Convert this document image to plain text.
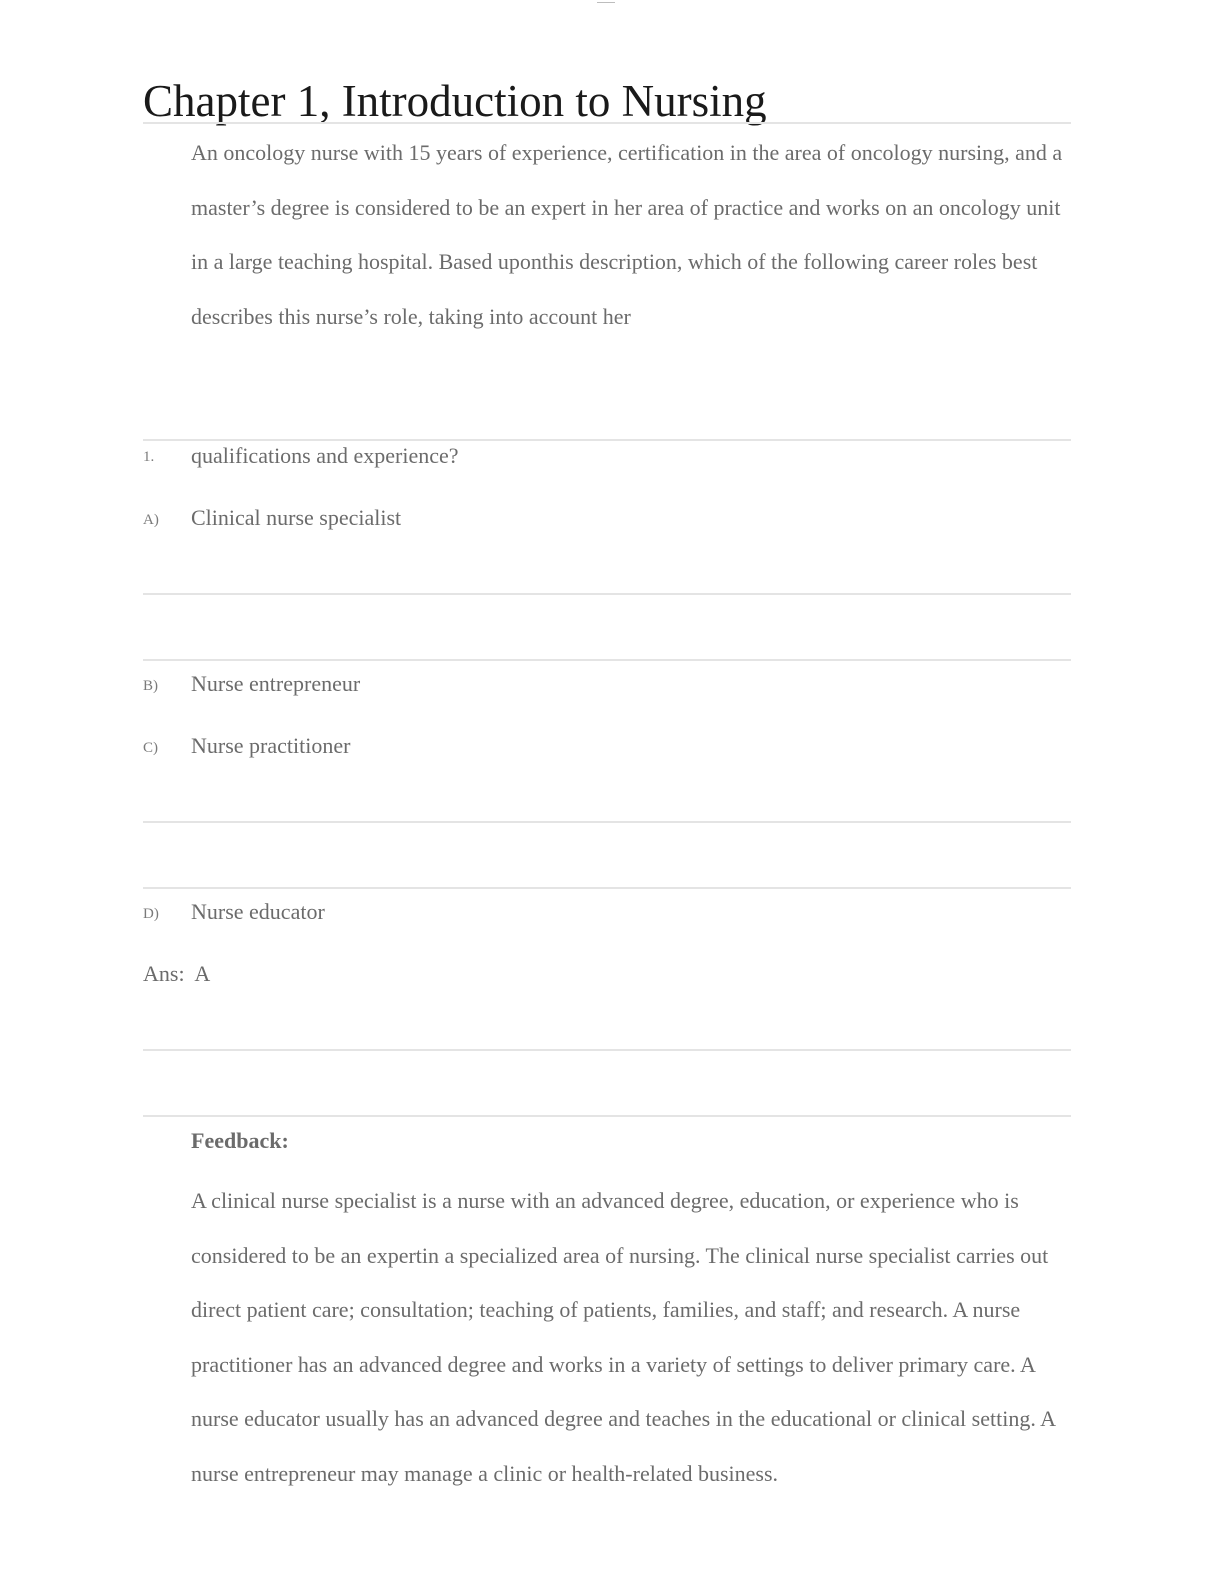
Chapter 1, Introduction to Nursing

An oncology nurse with 15 years of experience, certification in the area of oncology nursing, and a master’s degree is considered to be an expert in her area of practice and works on an oncology unit in a large teaching hospital. Based uponthis description, which of the following career roles best describes this nurse’s role, taking into account her

1. qualifications and experience?
A) Clinical nurse specialist
B) Nurse entrepreneur
C) Nurse practitioner
D) Nurse educator
Ans:  A
Feedback:

A clinical nurse specialist is a nurse with an advanced degree, education, or experience who is considered to be an expertin a specialized area of nursing. The clinical nurse specialist carries out direct patient care; consultation; teaching of patients, families, and staff; and research. A nurse practitioner has an advanced degree and works in a variety of settings to deliver primary care. A nurse educator usually has an advanced degree and teaches in the educational or clinical setting. A nurse entrepreneur may manage a clinic or health-related business.
